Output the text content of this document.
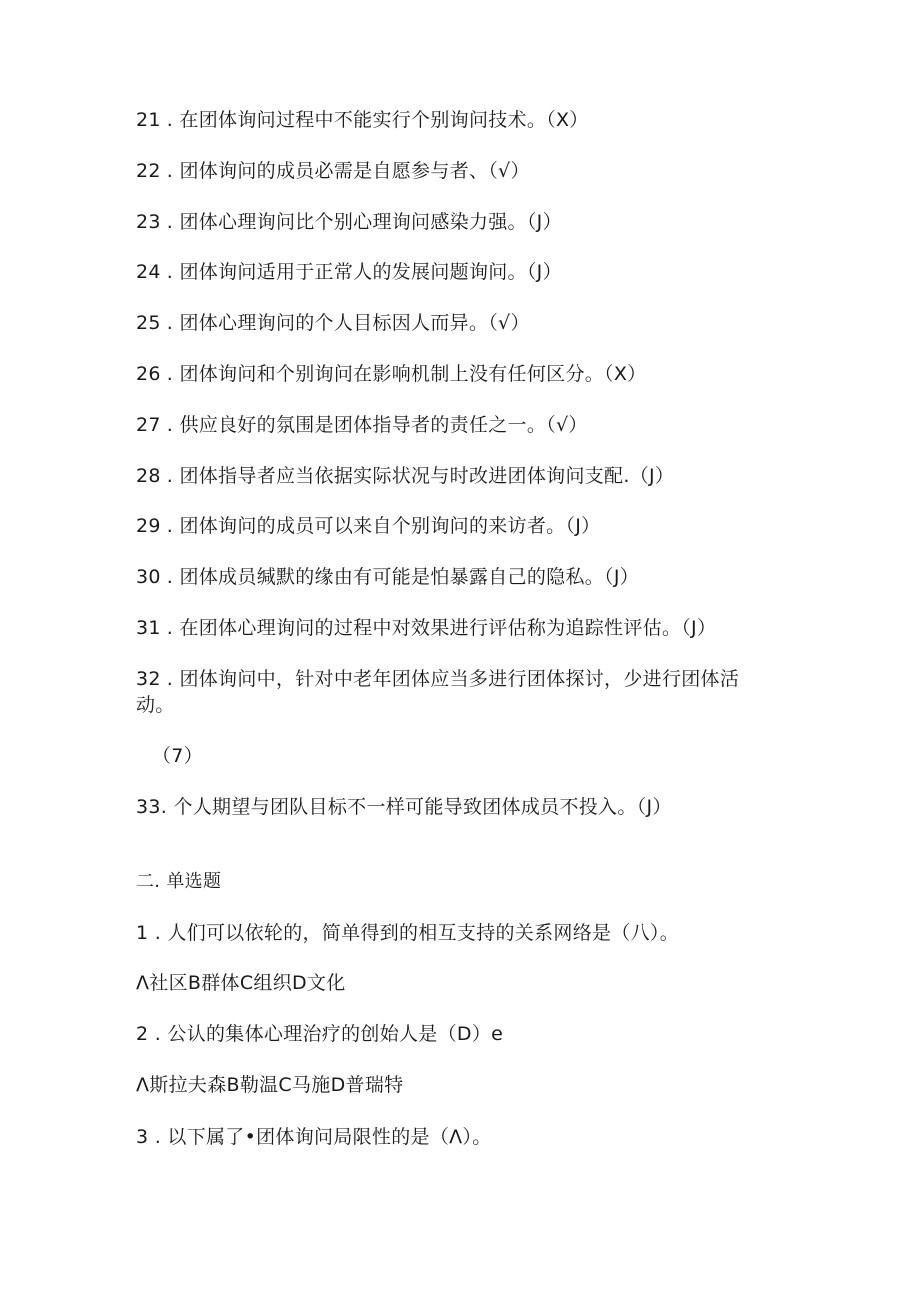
21 . 在团体询问过程中不能实行个别询问技术。（X）
22 . 团体询问的成员必需是自愿参与者、（√）
23 . 团体心理询问比个别心理询问感染力强。（J）
24 . 团体询问适用于正常人的发展问题询问。（J）
25 . 团体心理询问的个人目标因人而异。（√）
26 . 团体询问和个别询问在影响机制上没有任何区分。（X）
27 . 供应良好的氛围是团体指导者的责任之一。（√）
28 . 团体指导者应当依据实际状况与时改进团体询问支配.（J）
29 . 团体询问的成员可以来自个别询问的来访者。（J）
30 . 团体成员缄默的缘由有可能是怕暴露自己的隐私。（J）
31 . 在团体心理询问的过程中对效果进行评估称为追踪性评估。（J）
32 . 团体询问中，针对中老年团体应当多进行团体探讨，少进行团体活
动。
（7）
33. 个人期望与团队目标不一样可能导致团体成员不投入。（J）
二. 单选题
1 . 人们可以依轮的，简单得到的相互支持的关系网络是（八）。
Λ社区B群体C组织D文化
2 . 公认的集体心理治疗的创始人是（D）e
Λ斯拉夫森B勒温C马施D普瑞特
3 . 以下属了•团体询问局限性的是（Λ）。
